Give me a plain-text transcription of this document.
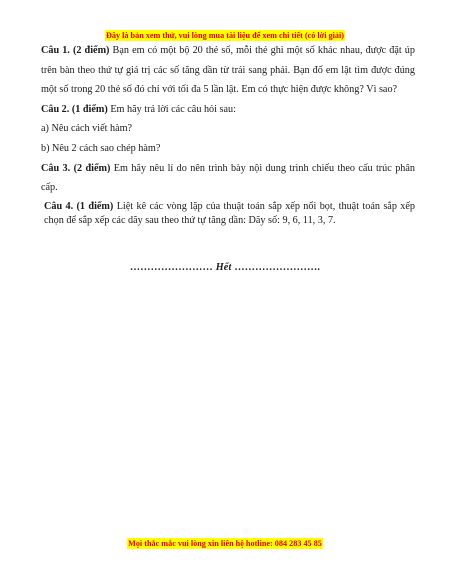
Đây là bản xem thử, vui lòng mua tài liệu để xem chi tiết (có lời giải)

Câu 1. (2 điểm) Bạn em có một bộ 20 thẻ số, mỗi thẻ ghi một số khác nhau, được đặt úp trên bàn theo thứ tự giá trị các số tăng dần từ trái sang phải. Bạn đố em lật tìm được đúng một số trong 20 thẻ số đó chỉ với tối đa 5 lần lật. Em có thực hiện được không? Vì sao?

Câu 2. (1 điểm) Em hãy trả lời các câu hỏi sau:

a) Nêu cách viết hàm?

b) Nêu 2 cách sao chép hàm?

Câu 3. (2 điểm) Em hãy nêu lí do nên trình bày nội dung trình chiếu theo cấu trúc phân cấp.

Câu 4. (1 điểm) Liệt kê các vòng lặp của thuật toán sắp xếp nổi bọt, thuật toán sắp xếp chọn để sắp xếp các dãy sau theo thứ tự tăng dần: Dãy số: 9, 6, 11, 3, 7.

…………………… Hết …………………….
Mọi thắc mắc vui lòng xin liên hệ hotline: 084 283 45 85
